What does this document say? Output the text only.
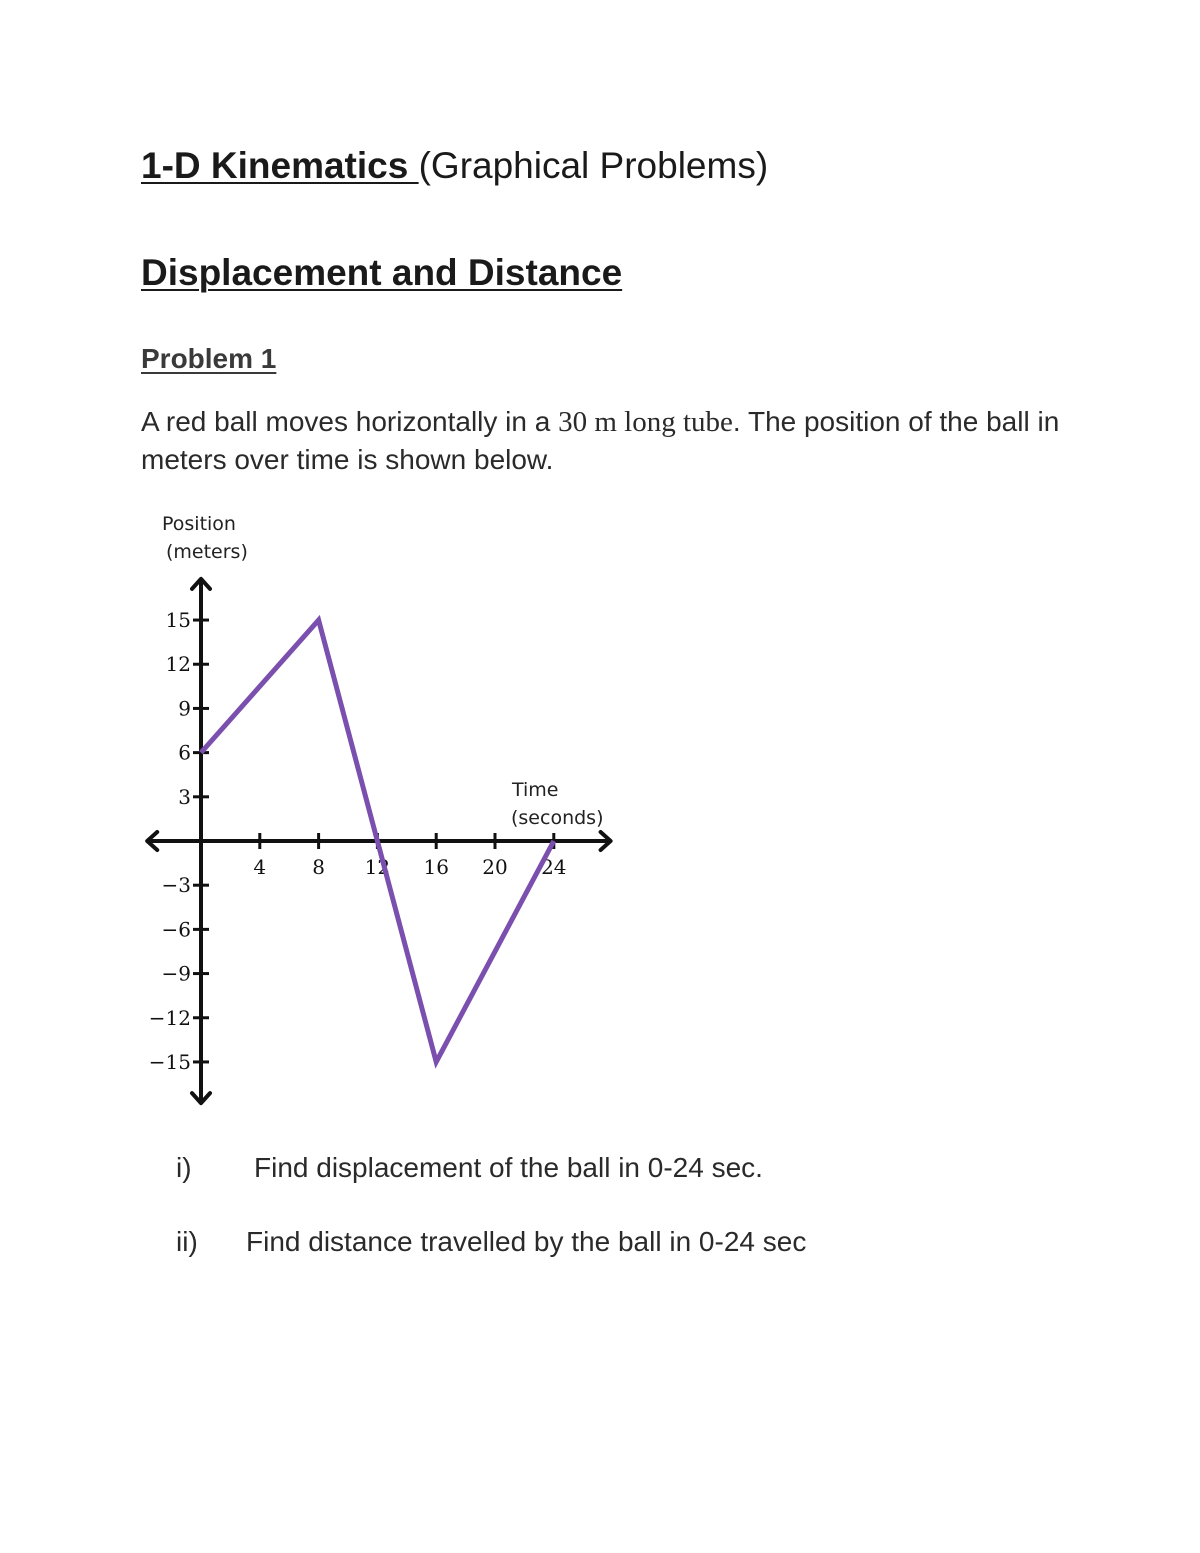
1-D Kinematics (Graphical Problems)
Displacement and Distance
Problem 1
A red ball moves horizontally in a 30 m long tube. The position of the ball in meters over time is shown below.
4 8 12 16 20 24
15
12
9
6
3
−3
−6
−9
−12
−15
Position
(meters)
Time
(seconds)
i) Find displacement of the ball in 0-24 sec.
ii) Find distance travelled by the ball in 0-24 sec
